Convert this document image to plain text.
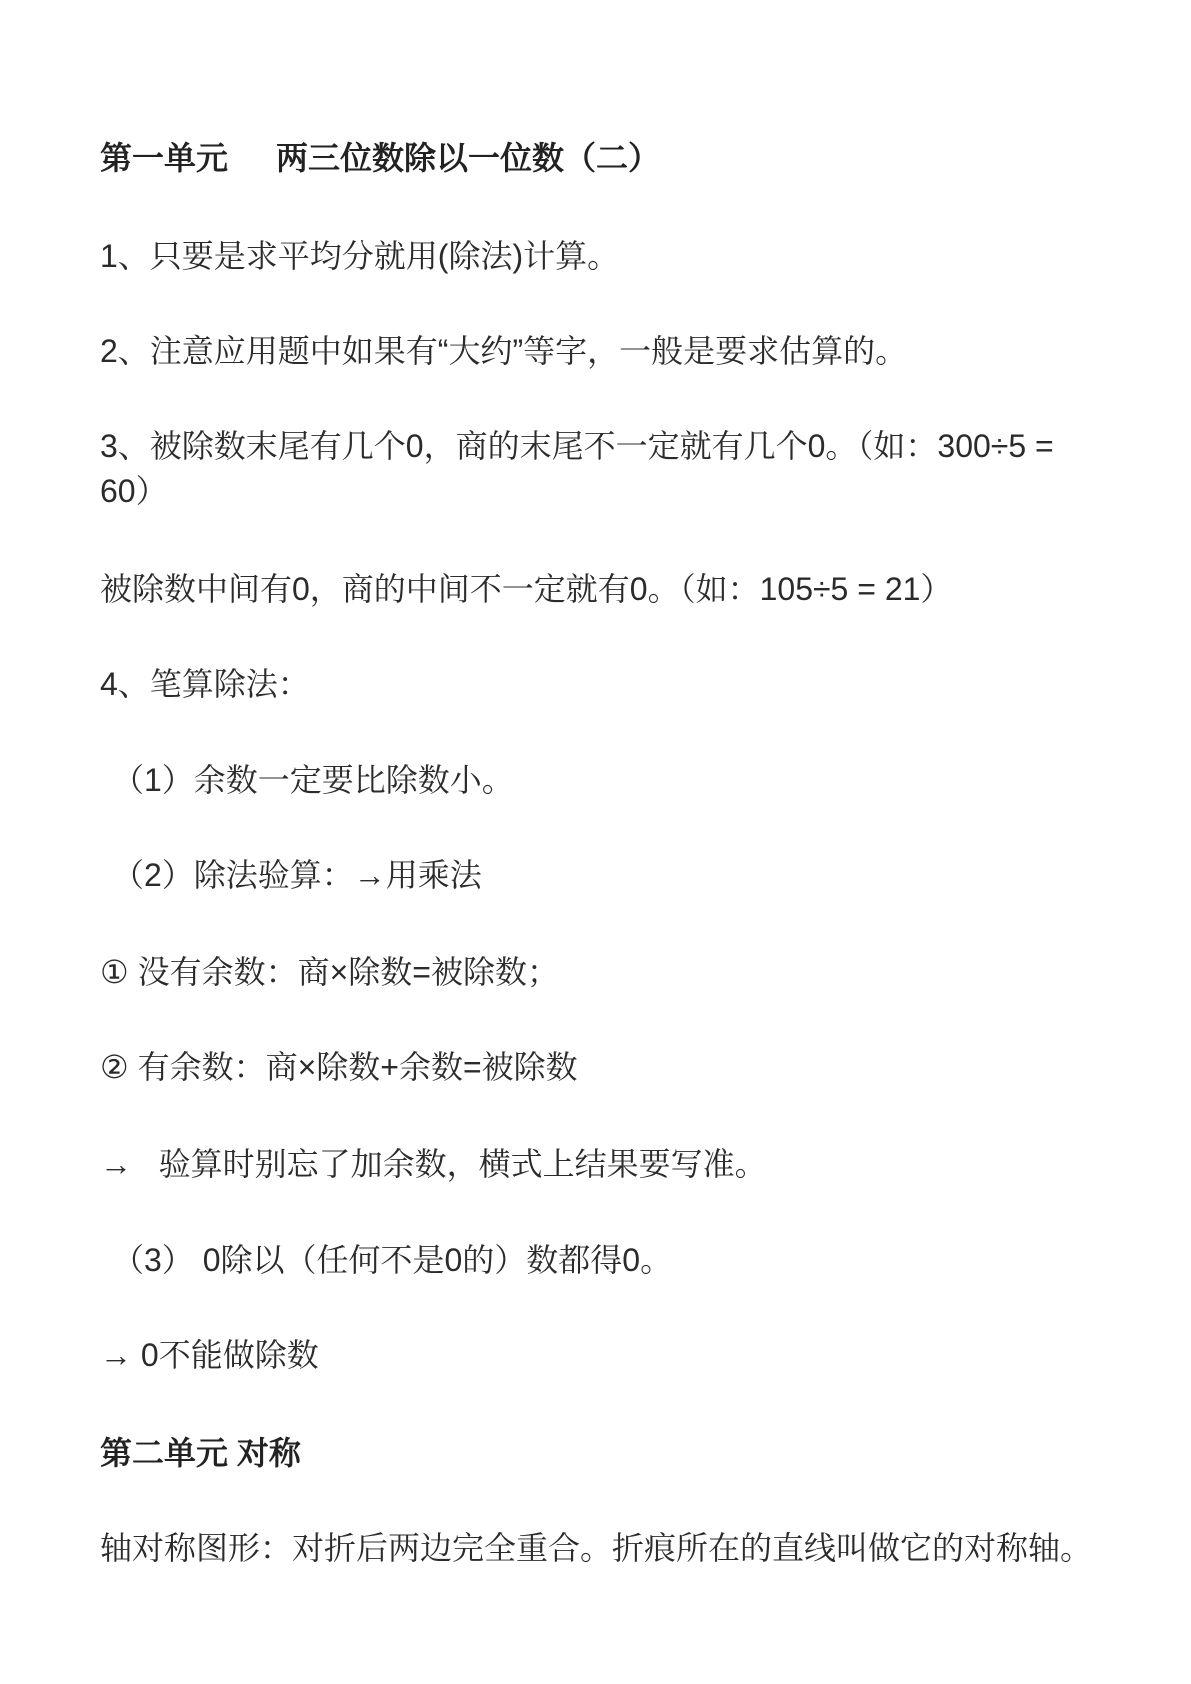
第一单元 两三位数除以一位数（二）

1、只要是求平均分就用(除法)计算。

2、注意应用题中如果有“大约”等字，一般是要求估算的。

3、被除数末尾有几个0，商的末尾不一定就有几个0。（如：300÷5 = 60）

被除数中间有0，商的中间不一定就有0。（如：105÷5 = 21）

4、笔算除法：

（1）余数一定要比除数小。

（2）除法验算：→用乘法

① 没有余数：商×除数=被除数；

② 有余数：商×除数+余数=被除数

→   验算时别忘了加余数，横式上结果要写准。

（3） 0除以（任何不是0的）数都得0。

→ 0不能做除数

第二单元 对称

轴对称图形：对折后两边完全重合。折痕所在的直线叫做它的对称轴。
